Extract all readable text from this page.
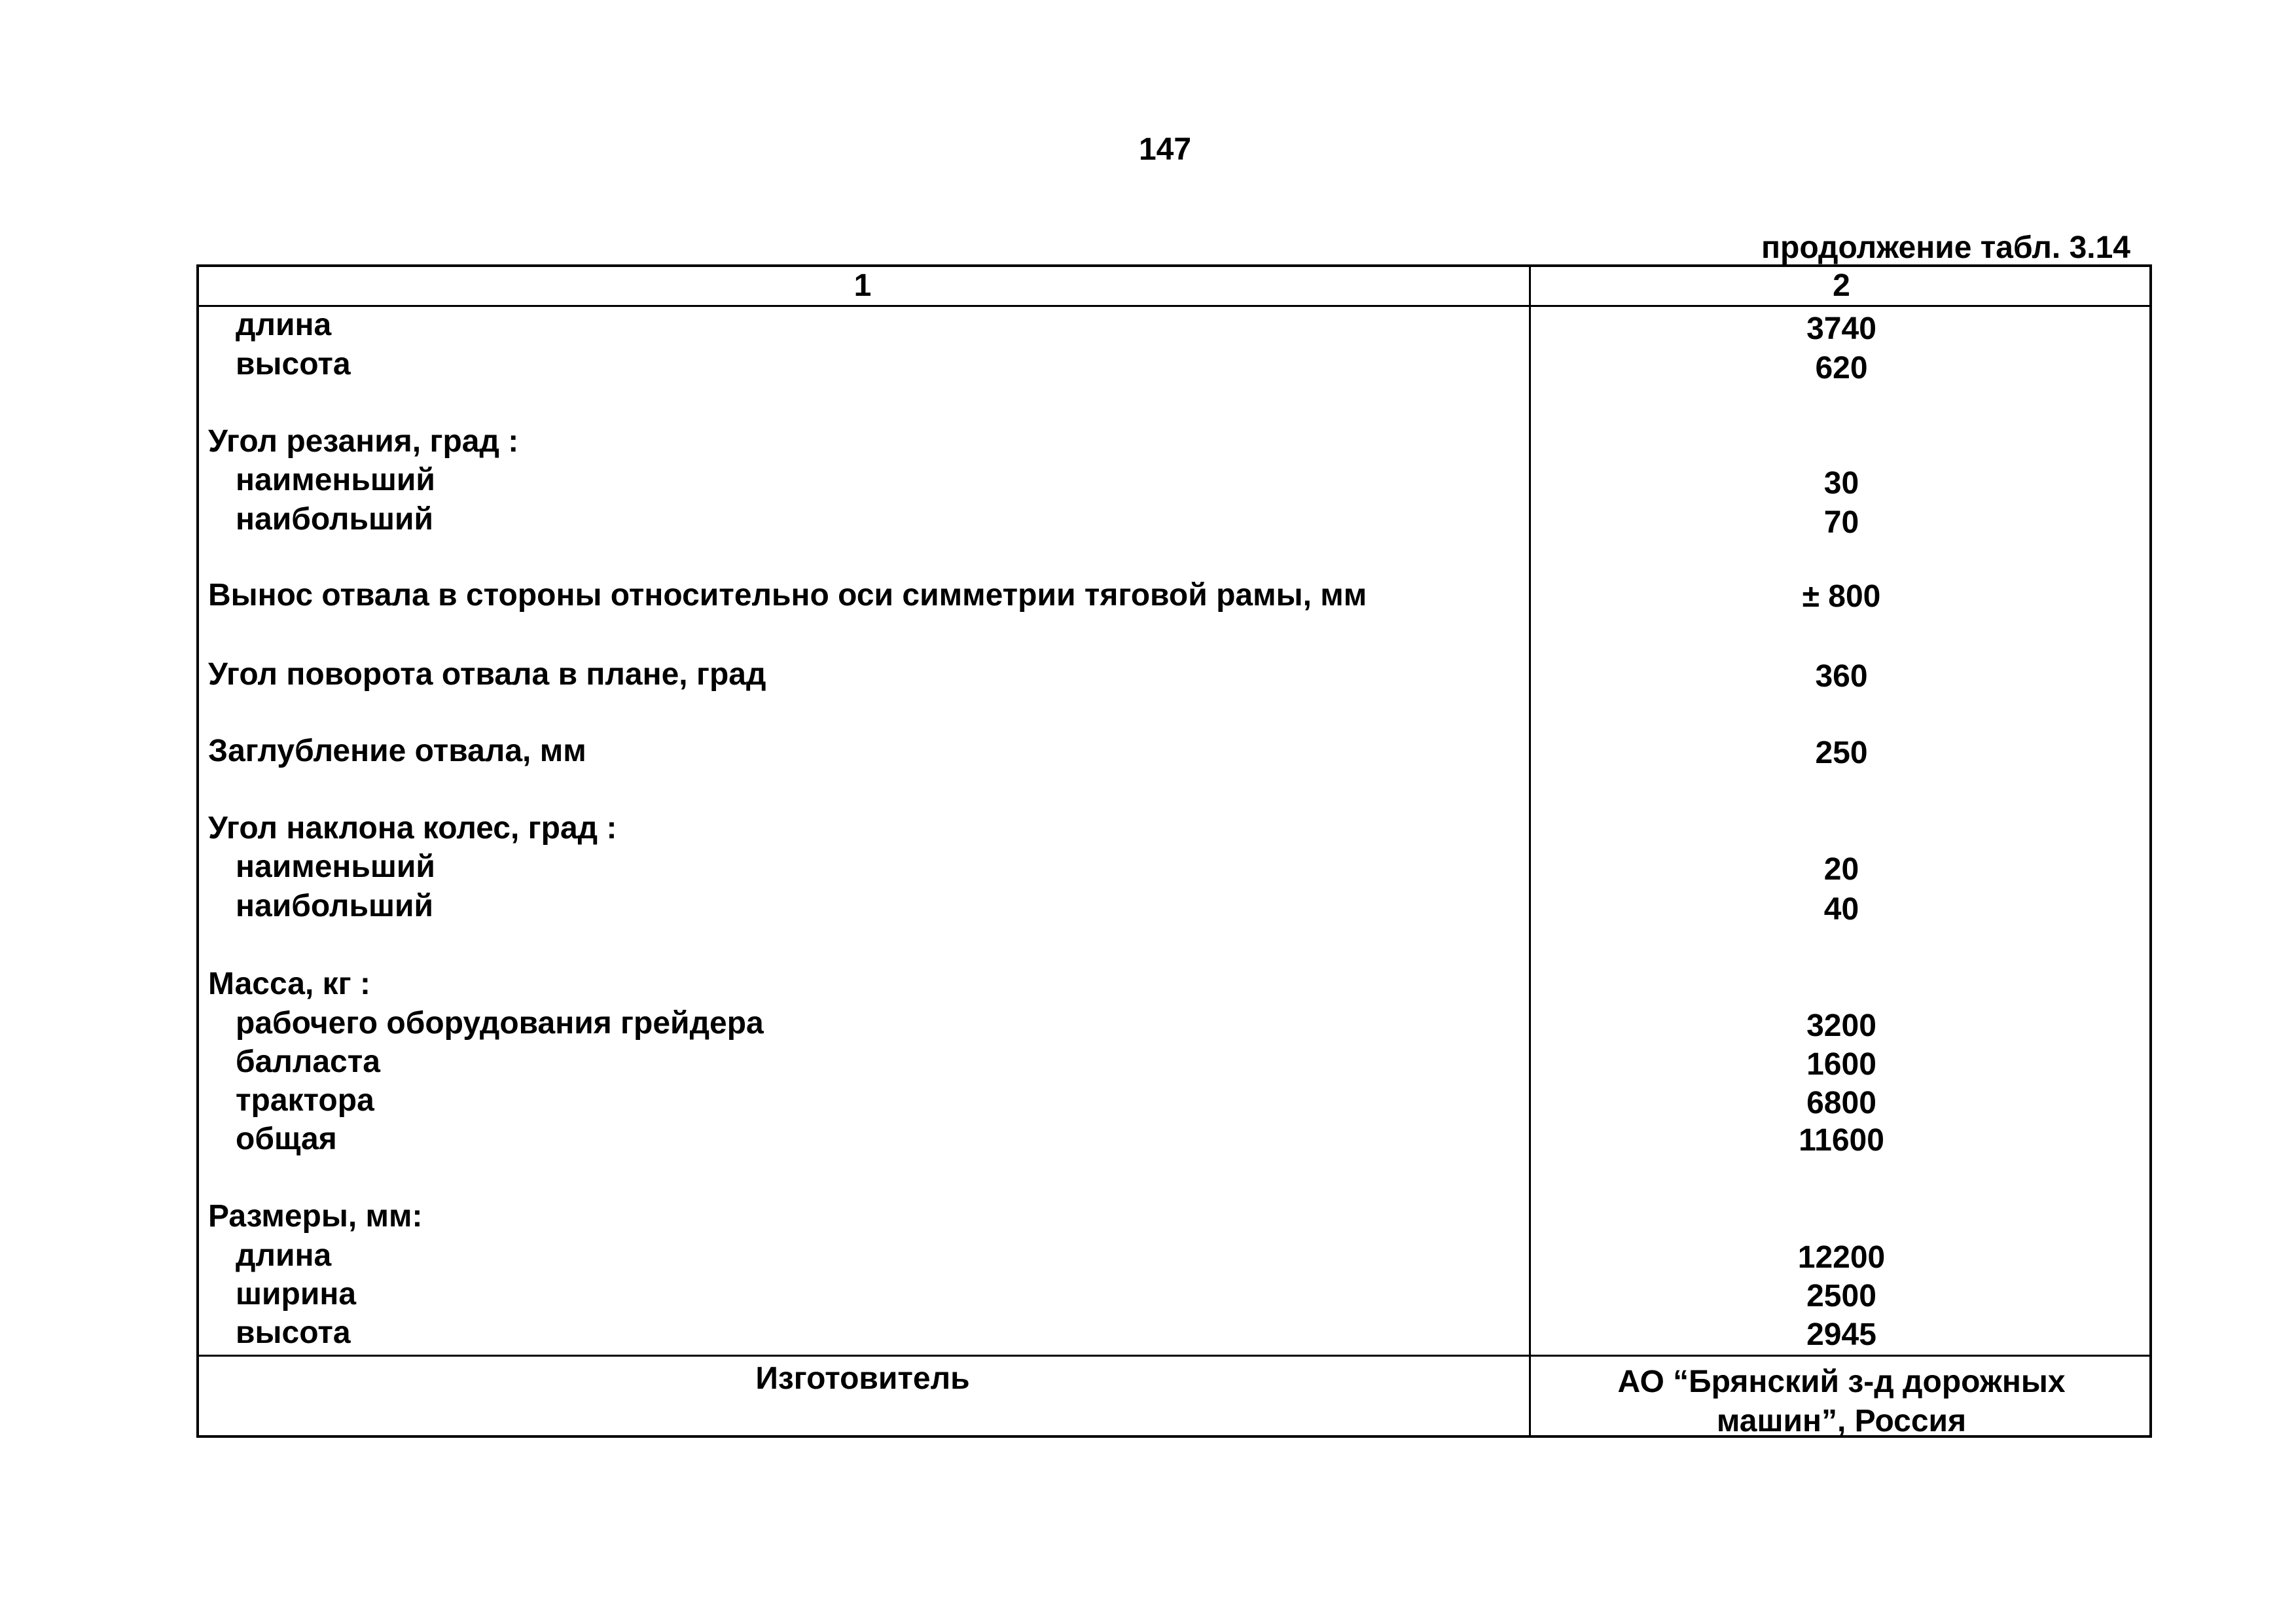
147
продолжение табл. 3.14
1	2
длина	3740
высота	620
Угол резания, град :
наименьший	30
наибольший	70
Вынос отвала в стороны относительно оси симметрии тяговой рамы, мм	± 800
Угол поворота отвала в плане, град	360
Заглубление отвала, мм	250
Угол наклона колес, град :
наименьший	20
наибольший	40
Масса, кг :
рабочего оборудования грейдера	3200
балласта	1600
трактора	6800
общая	11600
Размеры, мм:
длина	12200
ширина	2500
высота	2945
Изготовитель	АО “Брянский з-д дорожных
машин”, Россия
